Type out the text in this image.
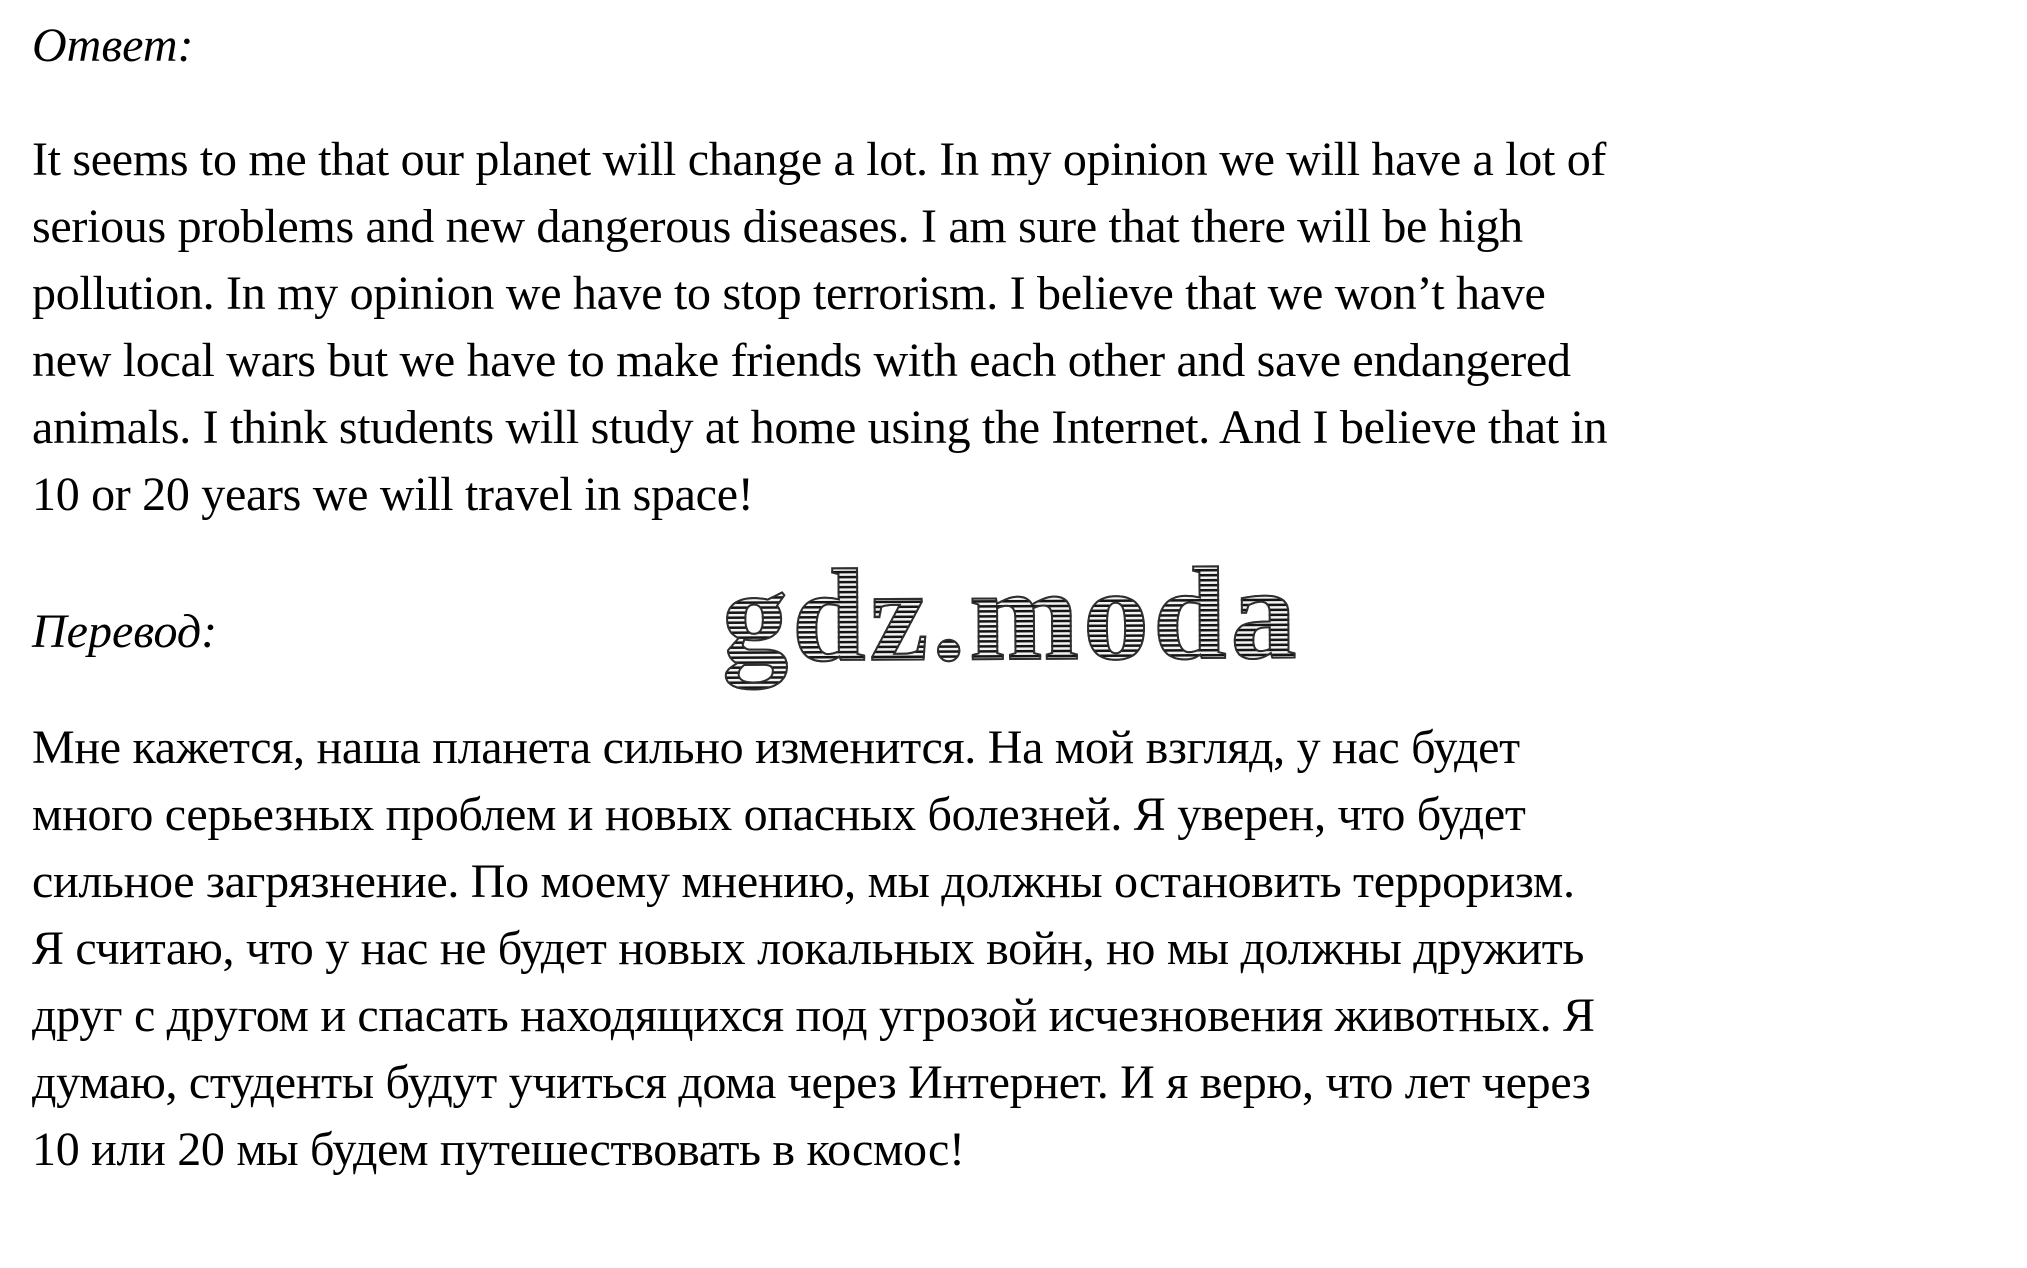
Ответ:
It seems to me that our planet will change a lot. In my opinion we will have a lot of
serious problems and new dangerous diseases. I am sure that there will be high
pollution. In my opinion we have to stop terrorism. I believe that we won’t have
new local wars but we have to make friends with each other and save endangered
animals. I think students will study at home using the Internet. And I believe that in
10 or 20 years we will travel in space!
gdz.moda
Перевод:
Мне кажется, наша планета сильно изменится. На мой взгляд, у нас будет
много серьезных проблем и новых опасных болезней. Я уверен, что будет
сильное загрязнение. По моему мнению, мы должны остановить терроризм.
Я считаю, что у нас не будет новых локальных войн, но мы должны дружить
друг с другом и спасать находящихся под угрозой исчезновения животных. Я
думаю, студенты будут учиться дома через Интернет. И я верю, что лет через
10 или 20 мы будем путешествовать в космос!
